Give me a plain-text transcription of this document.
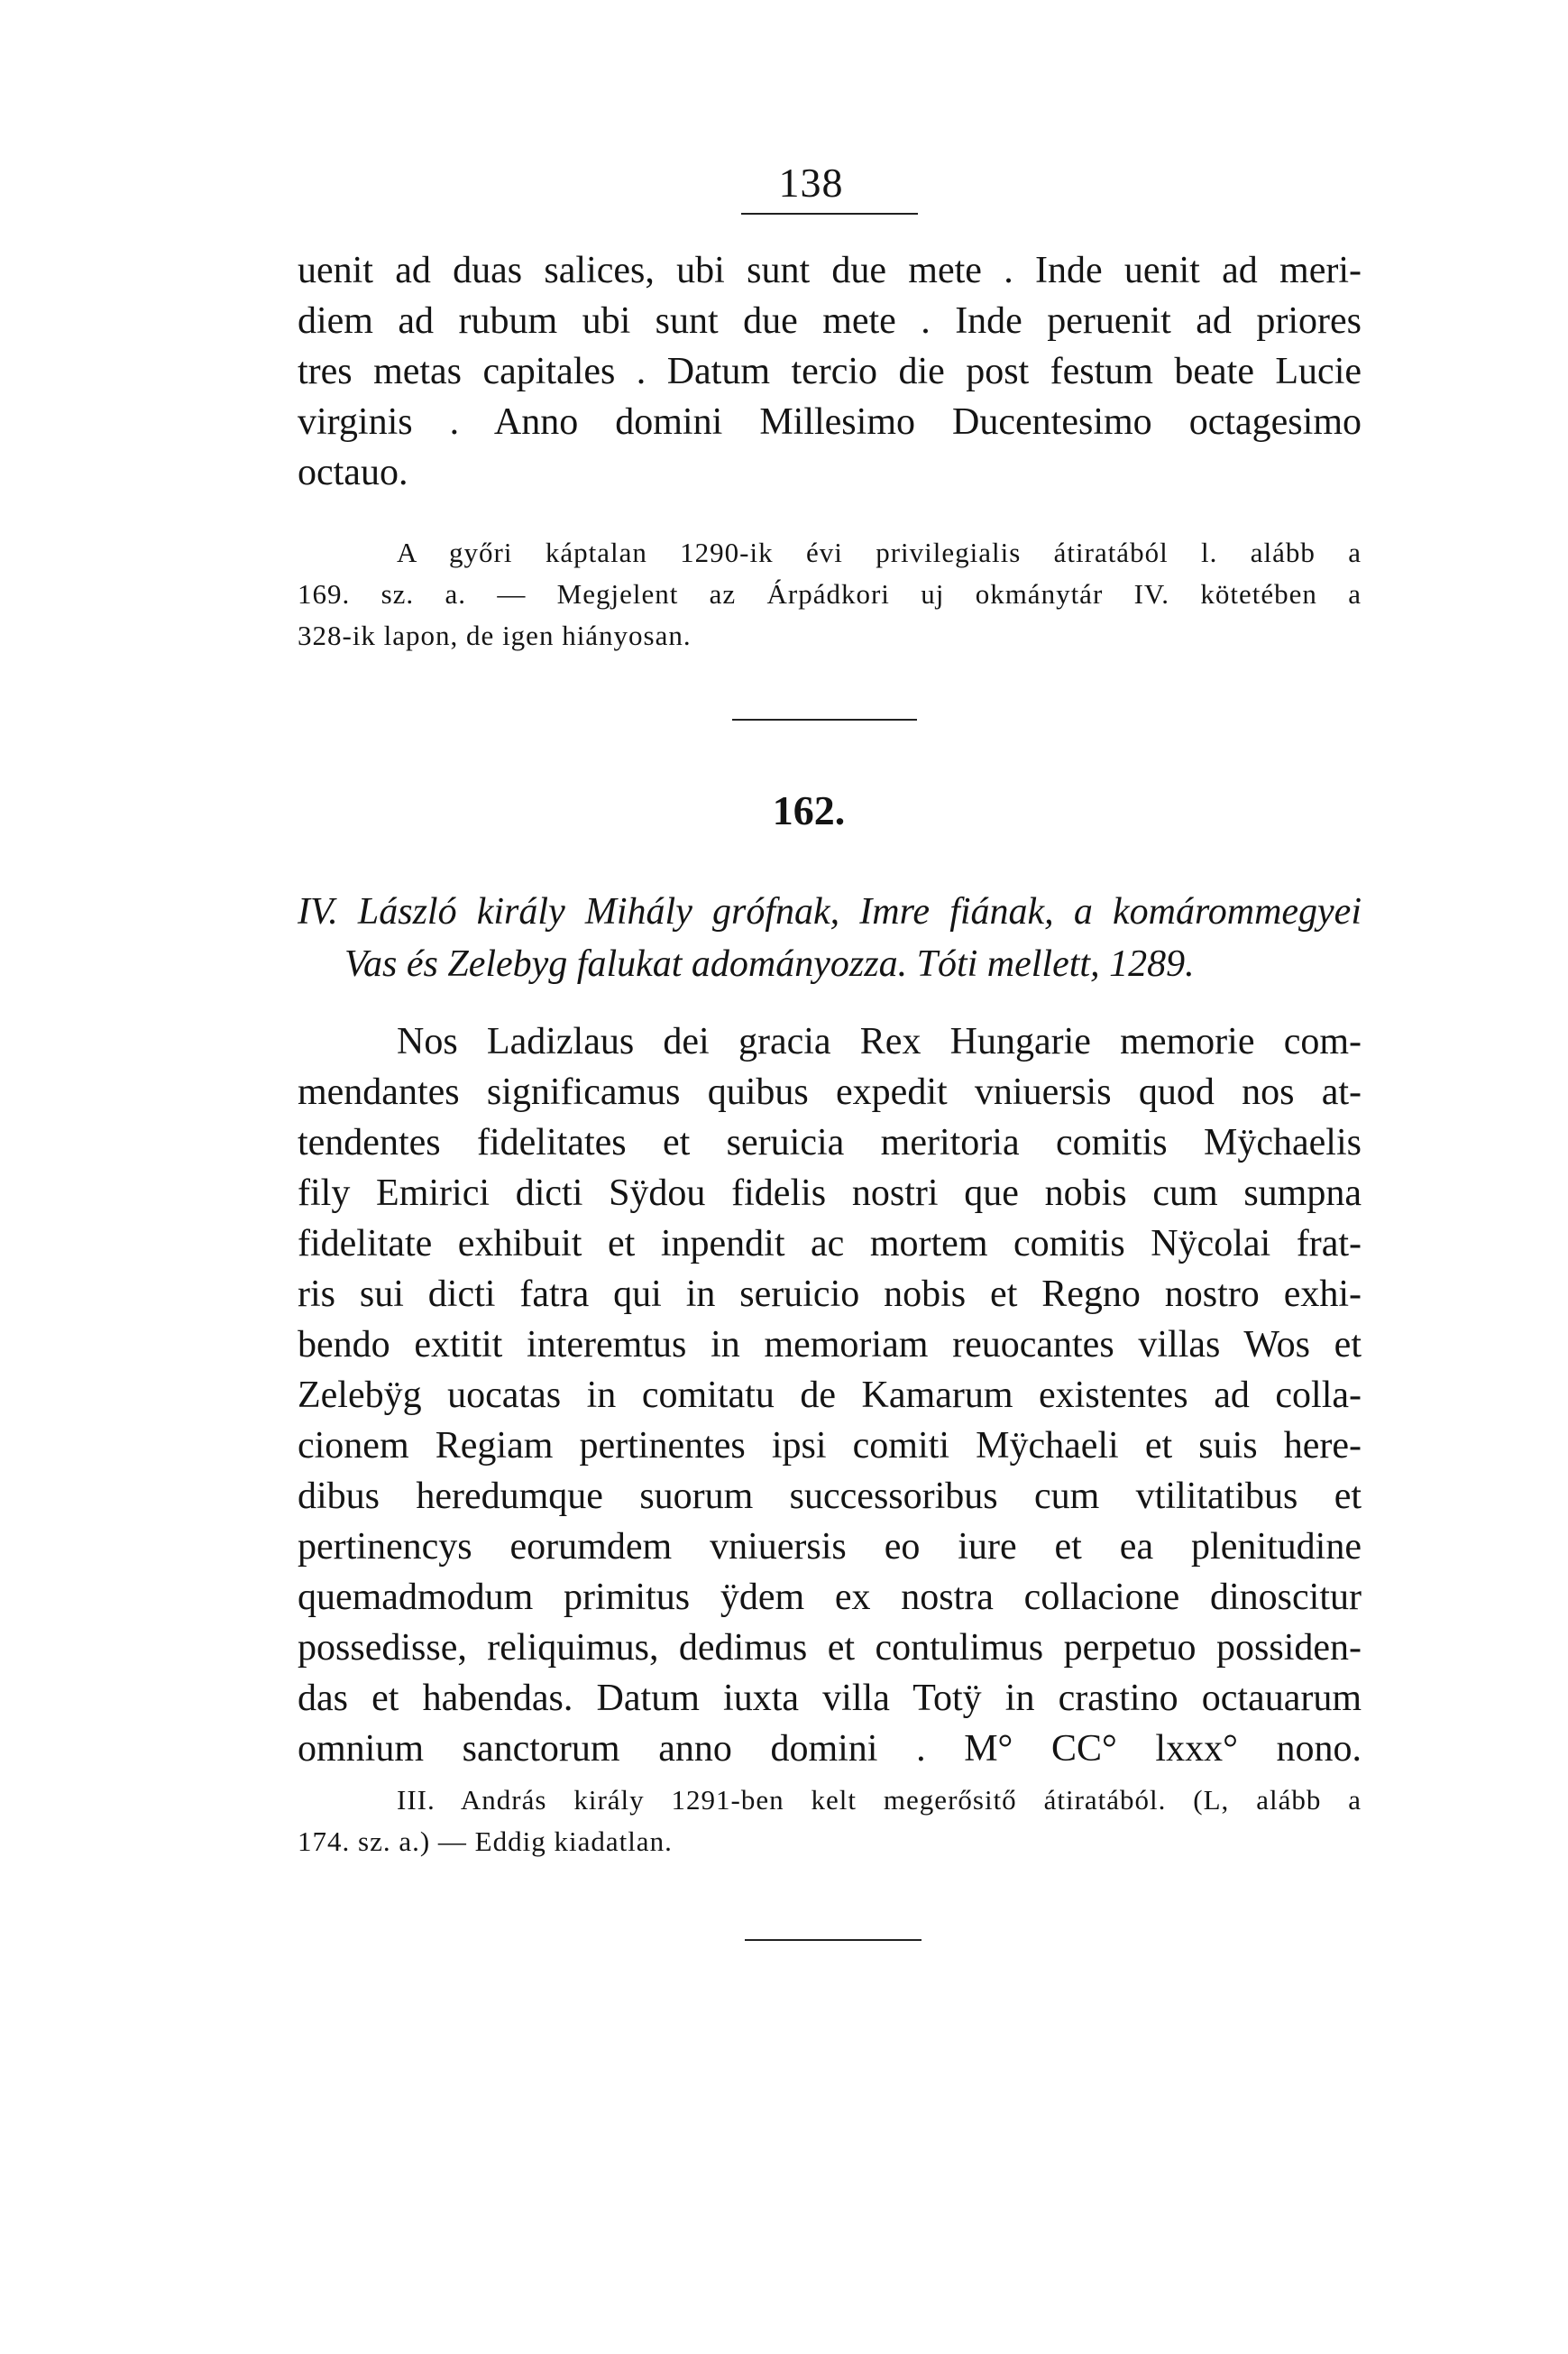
138
uenit ad duas salices, ubi sunt due mete . Inde uenit ad meri-
diem ad rubum ubi sunt due mete . Inde peruenit ad priores
tres metas capitales . Datum tercio die post festum beate Lucie
virginis . Anno domini Millesimo Ducentesimo octagesimo
octauo.
A győri káptalan 1290-ik évi privilegialis átiratából l. alább a
169. sz. a. — Megjelent az Árpádkori uj okmánytár IV. kötetében a
328-ik lapon, de igen hiányosan.
162.
IV. László király Mihály grófnak, Imre fiának, a komárommegyei
Vas és Zelebyg falukat adományozza. Tóti mellett, 1289.
Nos Ladizlaus dei gracia Rex Hungarie memorie com-
mendantes significamus quibus expedit vniuersis quod nos at-
tendentes fidelitates et seruicia meritoria comitis Mÿchaelis
fily Emirici dicti Sÿdou fidelis nostri que nobis cum sumpna
fidelitate exhibuit et inpendit ac mortem comitis Nÿcolai frat-
ris sui dicti fatra qui in seruicio nobis et Regno nostro exhi-
bendo extitit interemtus in memoriam reuocantes villas Wos et
Zelebÿg uocatas in comitatu de Kamarum existentes ad colla-
cionem Regiam pertinentes ipsi comiti Mÿchaeli et suis here-
dibus heredumque suorum successoribus cum vtilitatibus et
pertinencys eorumdem vniuersis eo iure et ea plenitudine
quemadmodum primitus ÿdem ex nostra collacione dinoscitur
possedisse, reliquimus, dedimus et contulimus perpetuo possiden-
das et habendas. Datum iuxta villa Totÿ in crastino octauarum
omnium sanctorum anno domini . M° CC° lxxx° nono.
III. András király 1291-ben kelt megerősitő átiratából. (L, alább a
174. sz. a.) — Eddig kiadatlan.
